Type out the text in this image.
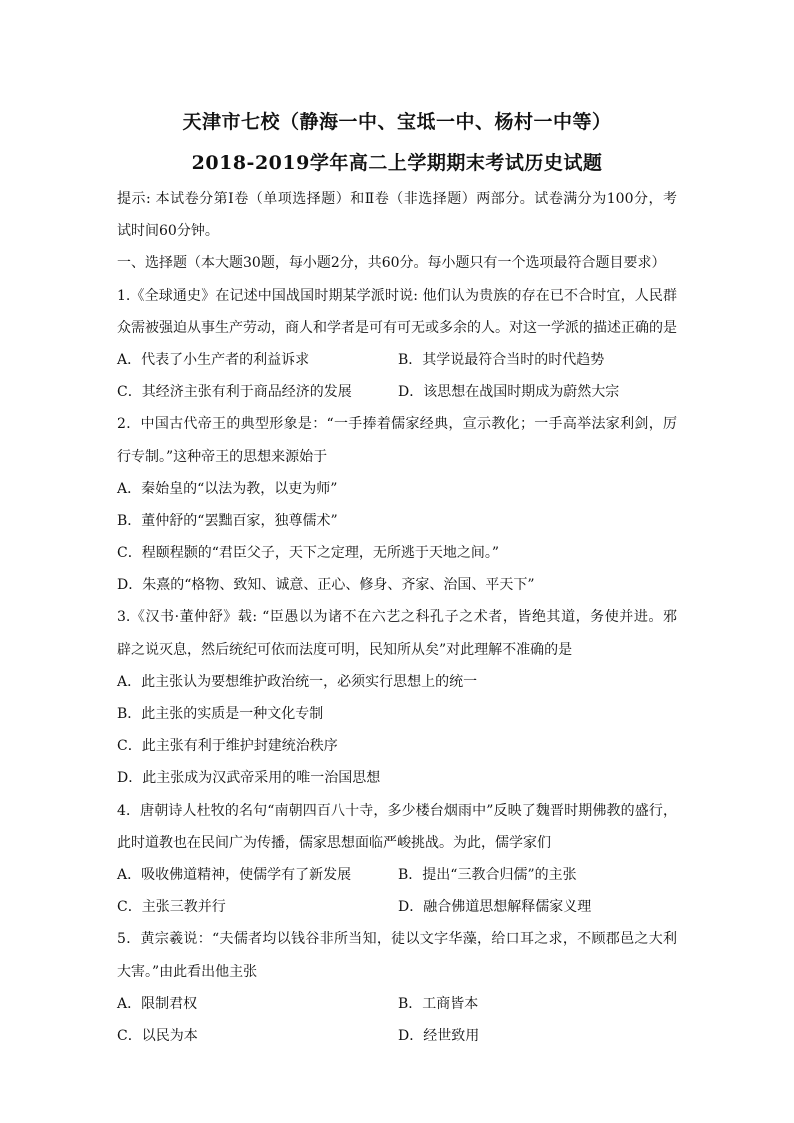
天津市七校（静海一中、宝坻一中、杨村一中等）
2018-2019学年高二上学期期末考试历史试题
提示: 本试卷分第Ⅰ卷（单项选择题）和Ⅱ卷（非选择题）两部分。试卷满分为100分，考
试时间60分钟。
一、选择题（本大题30题，每小题2分，共60分。每小题只有一个选项最符合题目要求）
1.《全球通史》在记述中国战国时期某学派时说: 他们认为贵族的存在已不合时宜，人民群
众需被强迫从事生产劳动，商人和学者是可有可无或多余的人。对这一学派的描述正确的是
A．代表了小生产者的利益诉求	B．其学说最符合当时的时代趋势
C．其经济主张有利于商品经济的发展	D．该思想在战国时期成为蔚然大宗
2．中国古代帝王的典型形象是：“一手捧着儒家经典，宣示教化；一手高举法家利剑，厉
行专制。”这种帝王的思想来源始于
A．秦始皇的“以法为教，以吏为师”
B．董仲舒的“罢黜百家，独尊儒术”
C．程颐程颢的“君臣父子，天下之定理，无所逃于天地之间。”
D．朱熹的“格物、致知、诚意、正心、修身、齐家、治国、平天下”
3.《汉书·董仲舒》载: “臣愚以为诸不在六艺之科孔子之术者，皆绝其道，务使并进。邪
辟之说灭息，然后统纪可依而法度可明，民知所从矣”对此理解不准确的是
A．此主张认为要想维护政治统一，必须实行思想上的统一
B．此主张的实质是一种文化专制
C．此主张有利于维护封建统治秩序
D．此主张成为汉武帝采用的唯一治国思想
4．唐朝诗人杜牧的名句“南朝四百八十寺，多少楼台烟雨中”反映了魏晋时期佛教的盛行，
此时道教也在民间广为传播，儒家思想面临严峻挑战。为此，儒学家们
A．吸收佛道精神，使儒学有了新发展	B．提出“三教合归儒”的主张
C．主张三教并行	D．融合佛道思想解释儒家义理
5．黄宗羲说：“夫儒者均以钱谷非所当知，徒以文字华藻，给口耳之求，不顾郡邑之大利
大害。”由此看出他主张
A．限制君权	B．工商皆本
C．以民为本	D．经世致用
